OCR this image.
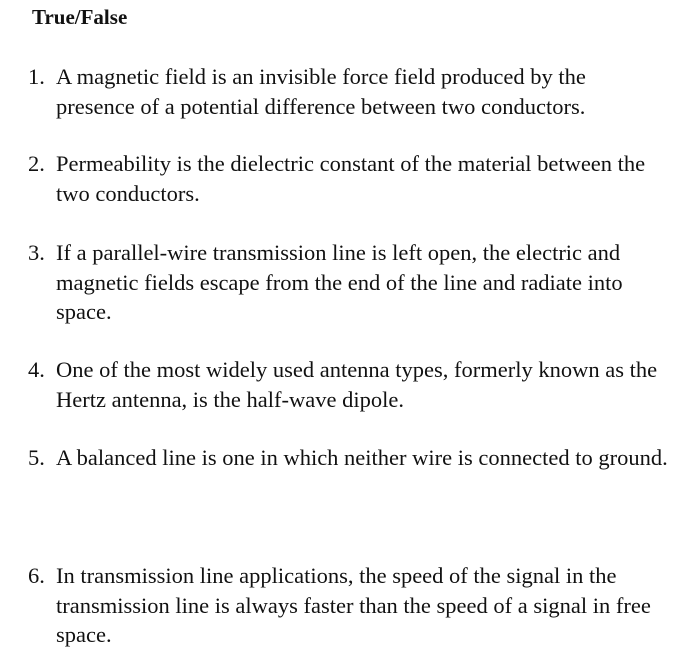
True/False
1. A magnetic field is an invisible force field produced by the presence of a potential difference between two conductors.
2. Permeability is the dielectric constant of the material between the two conductors.
3. If a parallel-wire transmission line is left open, the electric and magnetic fields escape from the end of the line and radiate into space.
4. One of the most widely used antenna types, formerly known as the Hertz antenna, is the half-wave dipole.
5. A balanced line is one in which neither wire is connected to ground.
6. In transmission line applications, the speed of the signal in the transmission line is always faster than the speed of a signal in free space.
